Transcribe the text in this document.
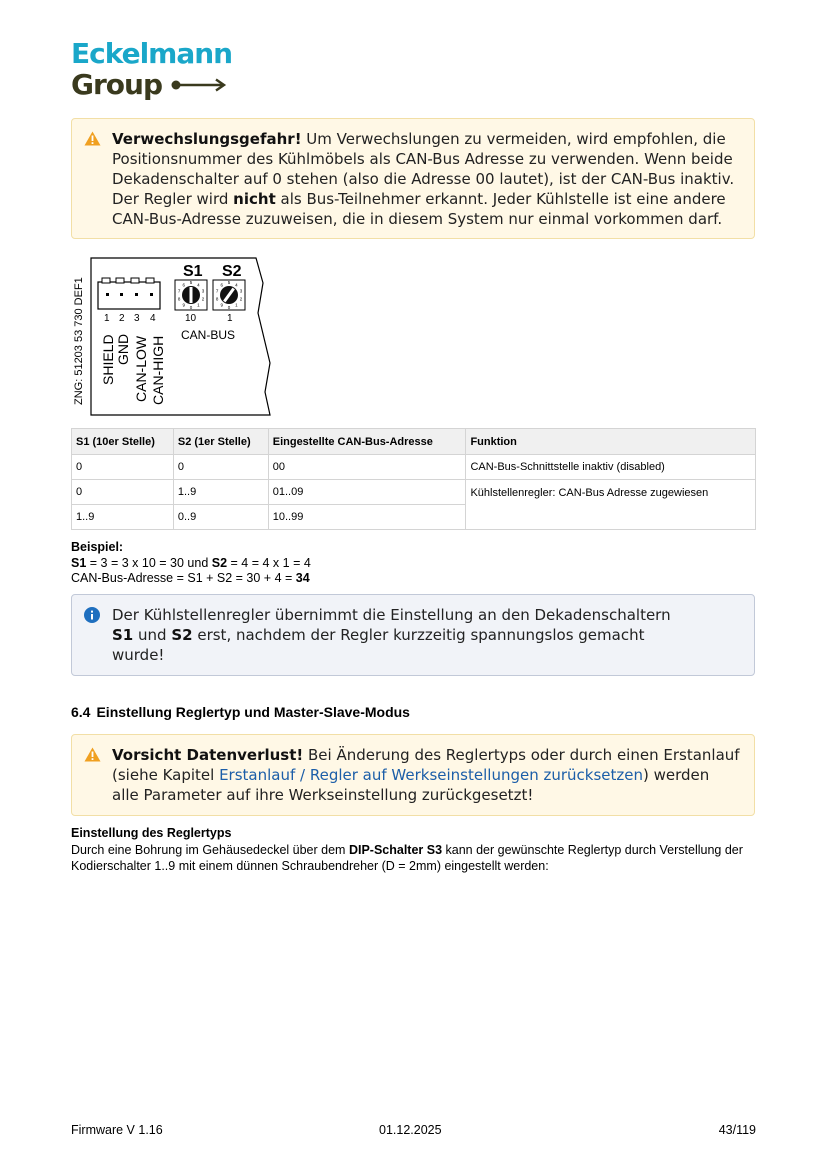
Eckelmann
Group
Verwechslungsgefahr! Um Verwechslungen zu vermeiden, wird empfohlen, die Positionsnummer des Kühlmöbels als CAN-Bus Adresse zu verwenden. Wenn beide Dekadenschalter auf 0 stehen (also die Adresse 00 lautet), ist der CAN-Bus inaktiv. Der Regler wird nicht als Bus-Teilnehmer erkannt. Jeder Kühlstelle ist eine andere CAN-Bus-Adresse zuzuweisen, die in diesem System nur einmal vorkommen darf.
ZNG: 51203 53 730 DEF1 1 2 3 4
SHIELD GND CAN-LOW CAN-HIGH
S1 S2
0 1
2
3
4
5
6
7
8
9	0 1
2
3
4
5
6
7
8
9
10	1
CAN-BUS
S1 (10er Stelle)	S2 (1er Stelle)	Eingestellte CAN-Bus-Adresse	Funktion
0	0	00	CAN-Bus-Schnittstelle inaktiv (disabled)
0	1..9	01..09	Kühlstellenregler: CAN-Bus Adresse zugewiesen
1..9	0..9	10..99	
Beispiel:
S1 = 3 = 3 x 10 = 30 und S2 = 4 = 4 x 1 = 4
CAN-Bus-Adresse = S1 + S2 = 30 + 4 = 34
Der Kühlstellenregler übernimmt die Einstellung an den Dekadenschaltern S1 und S2 erst, nachdem der Regler kurzzeitig spannungslos gemacht wurde!
6.4 Einstellung Reglertyp und Master-Slave-Modus
Vorsicht Datenverlust! Bei Änderung des Reglertyps oder durch einen Erstanlauf (siehe Kapitel Erstanlauf / Regler auf Werkseinstellungen zurücksetzen) werden alle Parameter auf ihre Werkseinstellung zurückgesetzt!
Einstellung des Reglertyps
Durch eine Bohrung im Gehäusedeckel über dem DIP-Schalter S3 kann der gewünschte Reglertyp durch Verstellung der Kodierschalter 1..9 mit einem dünnen Schraubendreher (D = 2mm) eingestellt werden:
Firmware V 1.16	01.12.2025	43/119
